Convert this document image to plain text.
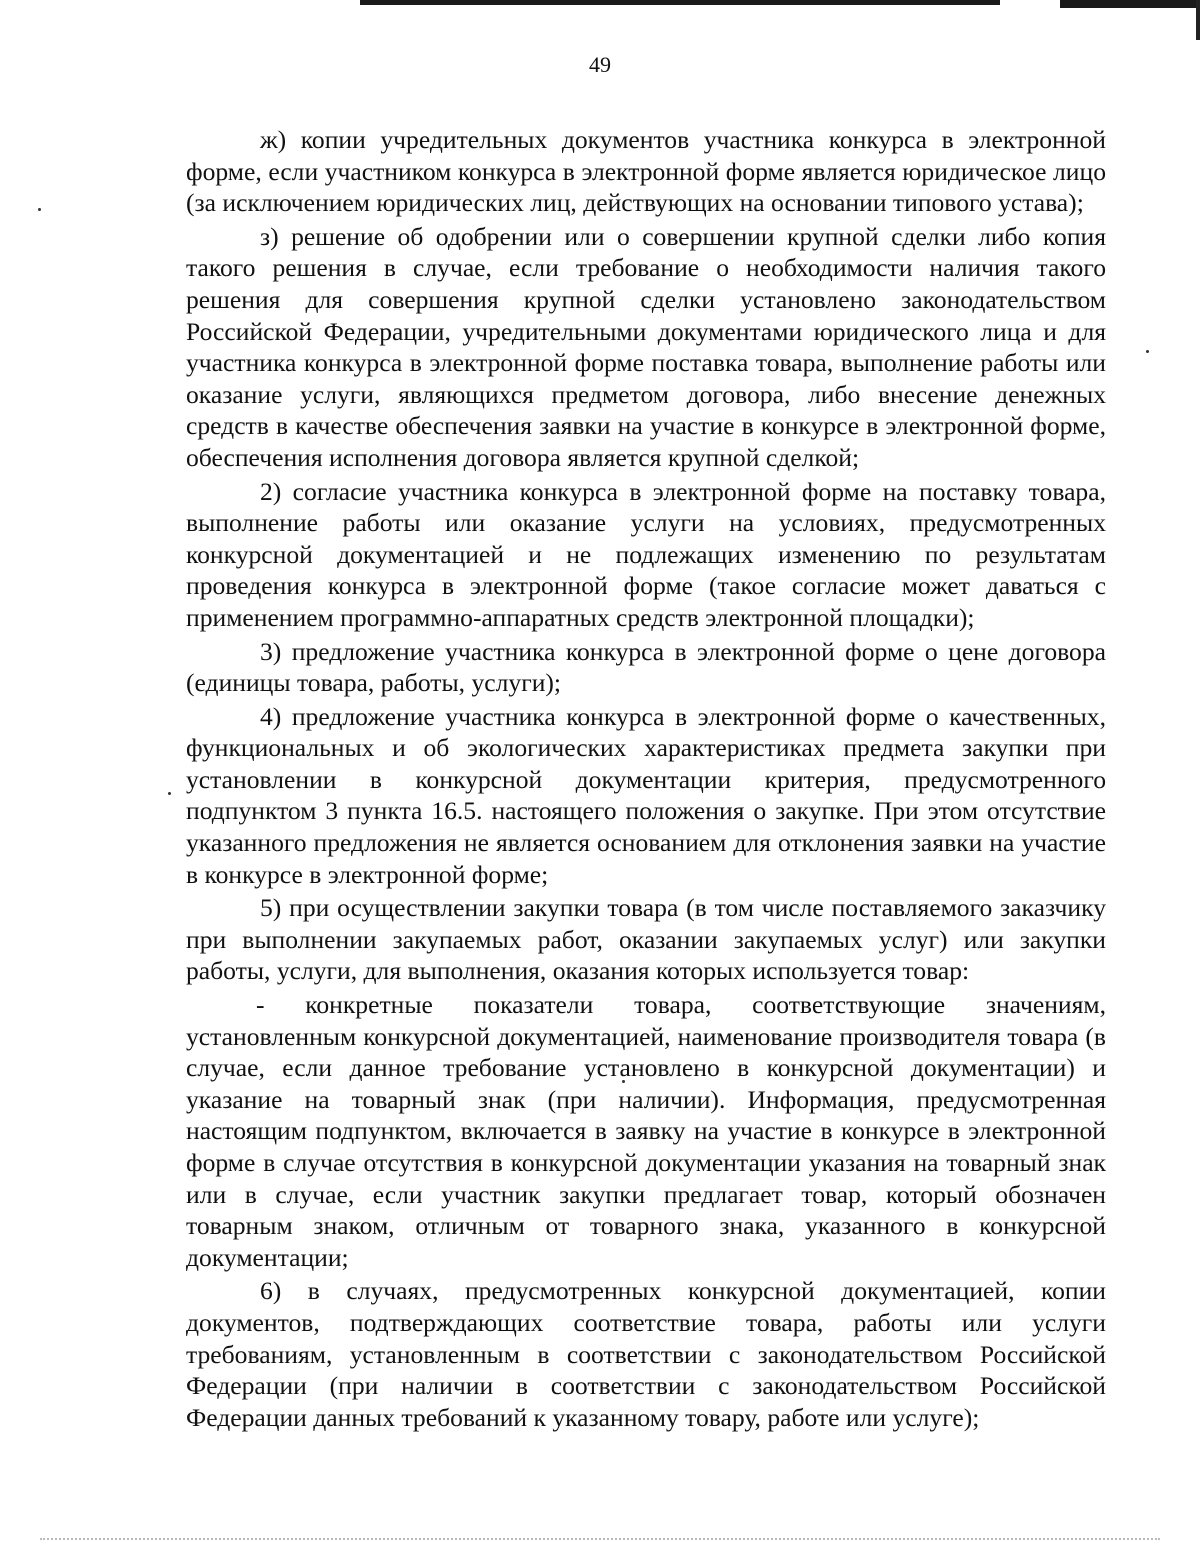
49

ж) копии учредительных документов участника конкурса в электронной форме, если участником конкурса в электронной форме является юридическое лицо (за исключением юридических лиц, действующих на основании типового устава);

з) решение об одобрении или о совершении крупной сделки либо копия такого решения в случае, если требование о необходимости наличия такого решения для совершения крупной сделки установлено законодательством Российской Федерации, учредительными документами юридического лица и для участника конкурса в электронной форме поставка товара, выполнение работы или оказание услуги, являющихся предметом договора, либо внесение денежных средств в качестве обеспечения заявки на участие в конкурсе в электронной форме, обеспечения исполнения договора является крупной сделкой;

2) согласие участника конкурса в электронной форме на поставку товара, выполнение работы или оказание услуги на условиях, предусмотренных конкурсной документацией и не подлежащих изменению по результатам проведения конкурса в электронной форме (такое согласие может даваться с применением программно-аппаратных средств электронной площадки);

3) предложение участника конкурса в электронной форме о цене договора (единицы товара, работы, услуги);

4) предложение участника конкурса в электронной форме о качественных, функциональных и об экологических характеристиках предмета закупки при установлении в конкурсной документации критерия, предусмотренного подпунктом 3 пункта 16.5. настоящего положения о закупке. При этом отсутствие указанного предложения не является основанием для отклонения заявки на участие в конкурсе в электронной форме;

5) при осуществлении закупки товара (в том числе поставляемого заказчику при выполнении закупаемых работ, оказании закупаемых услуг) или закупки работы, услуги, для выполнения, оказания которых используется товар:

- конкретные показатели товара, соответствующие значениям, установленным конкурсной документацией, наименование производителя товара (в случае, если данное требование установлено в конкурсной документации) и указание на товарный знак (при наличии). Информация, предусмотренная настоящим подпунктом, включается в заявку на участие в конкурсе в электронной форме в случае отсутствия в конкурсной документации указания на товарный знак или в случае, если участник закупки предлагает товар, который обозначен товарным знаком, отличным от товарного знака, указанного в конкурсной документации;

6) в случаях, предусмотренных конкурсной документацией, копии документов, подтверждающих соответствие товара, работы или услуги требованиям, установленным в соответствии с законодательством Российской Федерации (при наличии в соответствии с законодательством Российской Федерации данных требований к указанному товару, работе или услуге);
